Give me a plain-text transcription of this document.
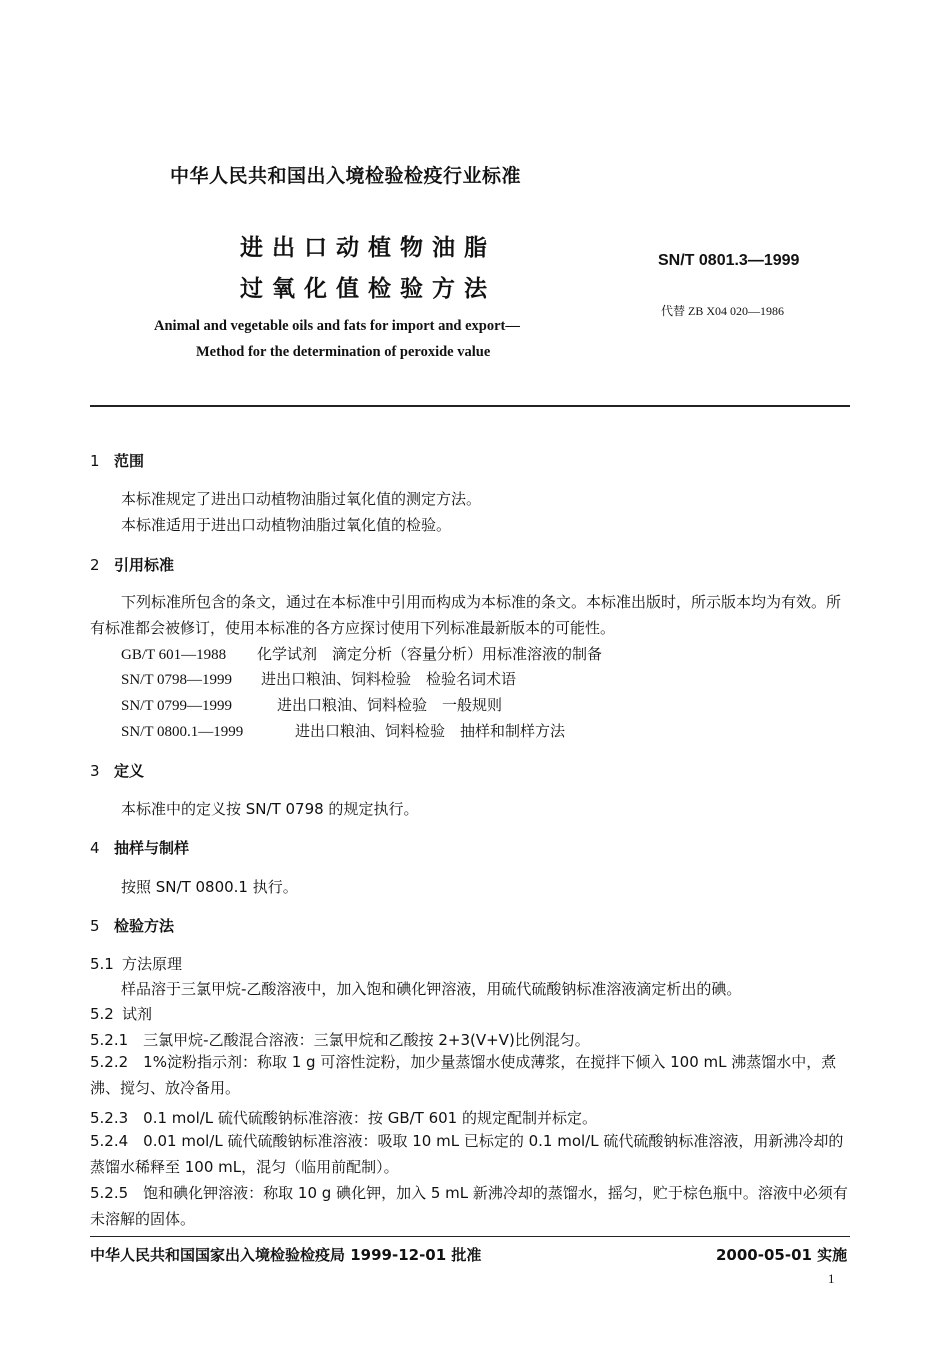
中华人民共和国出入境检验检疫行业标准
进出口动植物油脂
过氧化值检验方法
SN/T 0801.3—1999
代替 ZB X04 020—1986
Animal and vegetable oils and fats for import and export—
Method for the determination of peroxide value
1 范围
本标准规定了进出口动植物油脂过氧化值的测定方法。
本标准适用于进出口动植物油脂过氧化值的检验。
2 引用标准
下列标准所包含的条文，通过在本标准中引用而构成为本标准的条文。本标准出版时，所示版本均为有效。所有标准都会被修订，使用本标准的各方应探讨使用下列标准最新版本的可能性。
GB/T 601—1988 化学试剂　滴定分析（容量分析）用标准溶液的制备
SN/T 0798—1999 进出口粮油、饲料检验　检验名词术语
SN/T 0799—1999	进出口粮油、饲料检验　一般规则
SN/T 0800.1—1999	进出口粮油、饲料检验　抽样和制样方法
3 定义
本标准中的定义按 SN/T 0798 的规定执行。
4 抽样与制样
按照 SN/T 0800.1 执行。
5 检验方法
5.1 方法原理
样品溶于三氯甲烷-乙酸溶液中，加入饱和碘化钾溶液，用硫代硫酸钠标准溶液滴定析出的碘。
5.2 试剂
5.2.1　三氯甲烷-乙酸混合溶液：三氯甲烷和乙酸按 2+3(V+V)比例混匀。
5.2.2　1%淀粉指示剂：称取 1 g 可溶性淀粉，加少量蒸馏水使成薄浆，在搅拌下倾入 100 mL 沸蒸馏水中，煮沸、搅匀、放冷备用。
5.2.3　0.1 mol/L 硫代硫酸钠标准溶液：按 GB/T 601 的规定配制并标定。
5.2.4　0.01 mol/L 硫代硫酸钠标准溶液：吸取 10 mL 已标定的 0.1 mol/L 硫代硫酸钠标准溶液，用新沸冷却的蒸馏水稀释至 100 mL，混匀（临用前配制）。
5.2.5　饱和碘化钾溶液：称取 10 g 碘化钾，加入 5 mL 新沸冷却的蒸馏水，摇匀，贮于棕色瓶中。溶液中必须有未溶解的固体。
中华人民共和国国家出入境检验检疫局 1999-12-01 批准	2000-05-01 实施
1
